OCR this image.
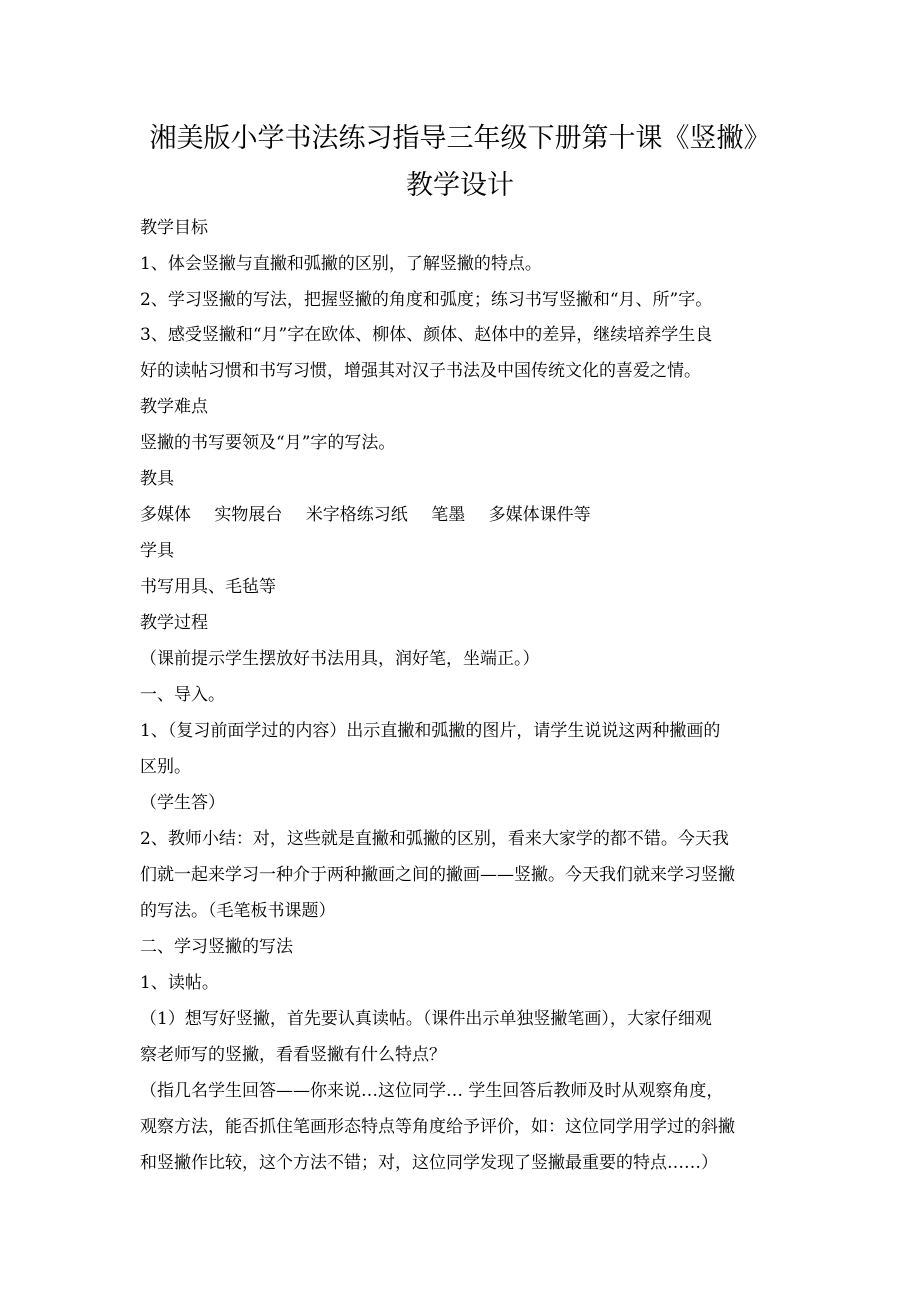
湘美版小学书法练习指导三年级下册第十课《竖撇》
教学设计
教学目标
1、体会竖撇与直撇和弧撇的区别，了解竖撇的特点。
2、学习竖撇的写法，把握竖撇的角度和弧度；练习书写竖撇和“月、所”字。
3、感受竖撇和“月”字在欧体、柳体、颜体、赵体中的差异，继续培养学生良
好的读帖习惯和书写习惯，增强其对汉子书法及中国传统文化的喜爱之情。
教学难点
竖撇的书写要领及“月”字的写法。
教具
多媒体 实物展台 米字格练习纸 笔墨 多媒体课件等
学具
书写用具、毛毡等
教学过程
（课前提示学生摆放好书法用具，润好笔，坐端正。）
一、导入。
1、（复习前面学过的内容）出示直撇和弧撇的图片，请学生说说这两种撇画的
区别。
（学生答）
2、教师小结：对，这些就是直撇和弧撇的区别，看来大家学的都不错。今天我
们就一起来学习一种介于两种撇画之间的撇画——竖撇。今天我们就来学习竖撇
的写法。（毛笔板书课题）
二、学习竖撇的写法
1、读帖。
（1）想写好竖撇，首先要认真读帖。（课件出示单独竖撇笔画），大家仔细观
察老师写的竖撇，看看竖撇有什么特点？
（指几名学生回答——你来说…这位同学… 学生回答后教师及时从观察角度，
观察方法，能否抓住笔画形态特点等角度给予评价，如：这位同学用学过的斜撇
和竖撇作比较，这个方法不错；对，这位同学发现了竖撇最重要的特点……）
